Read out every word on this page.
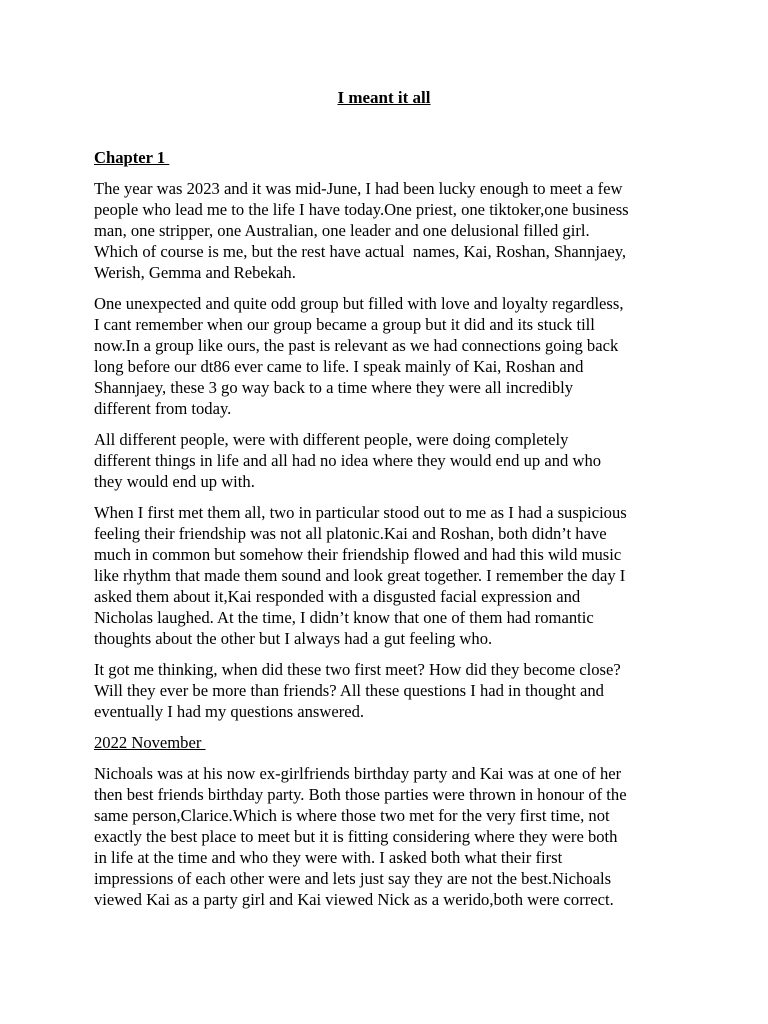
I meant it all
Chapter 1
The year was 2023 and it was mid-June, I had been lucky enough to meet a few
people who lead me to the life I have today.One priest, one tiktoker,one business
man, one stripper, one Australian, one leader and one delusional filled girl.
Which of course is me, but the rest have actual  names, Kai, Roshan, Shannjaey,
Werish, Gemma and Rebekah.
One unexpected and quite odd group but filled with love and loyalty regardless,
I cant remember when our group became a group but it did and its stuck till
now.In a group like ours, the past is relevant as we had connections going back
long before our dt86 ever came to life. I speak mainly of Kai, Roshan and
Shannjaey, these 3 go way back to a time where they were all incredibly
different from today.
All different people, were with different people, were doing completely
different things in life and all had no idea where they would end up and who
they would end up with.
When I first met them all, two in particular stood out to me as I had a suspicious
feeling their friendship was not all platonic.Kai and Roshan, both didn’t have
much in common but somehow their friendship flowed and had this wild music
like rhythm that made them sound and look great together. I remember the day I
asked them about it,Kai responded with a disgusted facial expression and
Nicholas laughed. At the time, I didn’t know that one of them had romantic
thoughts about the other but I always had a gut feeling who.
It got me thinking, when did these two first meet? How did they become close?
Will they ever be more than friends? All these questions I had in thought and
eventually I had my questions answered.
2022 November
Nichoals was at his now ex-girlfriends birthday party and Kai was at one of her
then best friends birthday party. Both those parties were thrown in honour of the
same person,Clarice.Which is where those two met for the very first time, not
exactly the best place to meet but it is fitting considering where they were both
in life at the time and who they were with. I asked both what their first
impressions of each other were and lets just say they are not the best.Nichoals
viewed Kai as a party girl and Kai viewed Nick as a werido,both were correct.
